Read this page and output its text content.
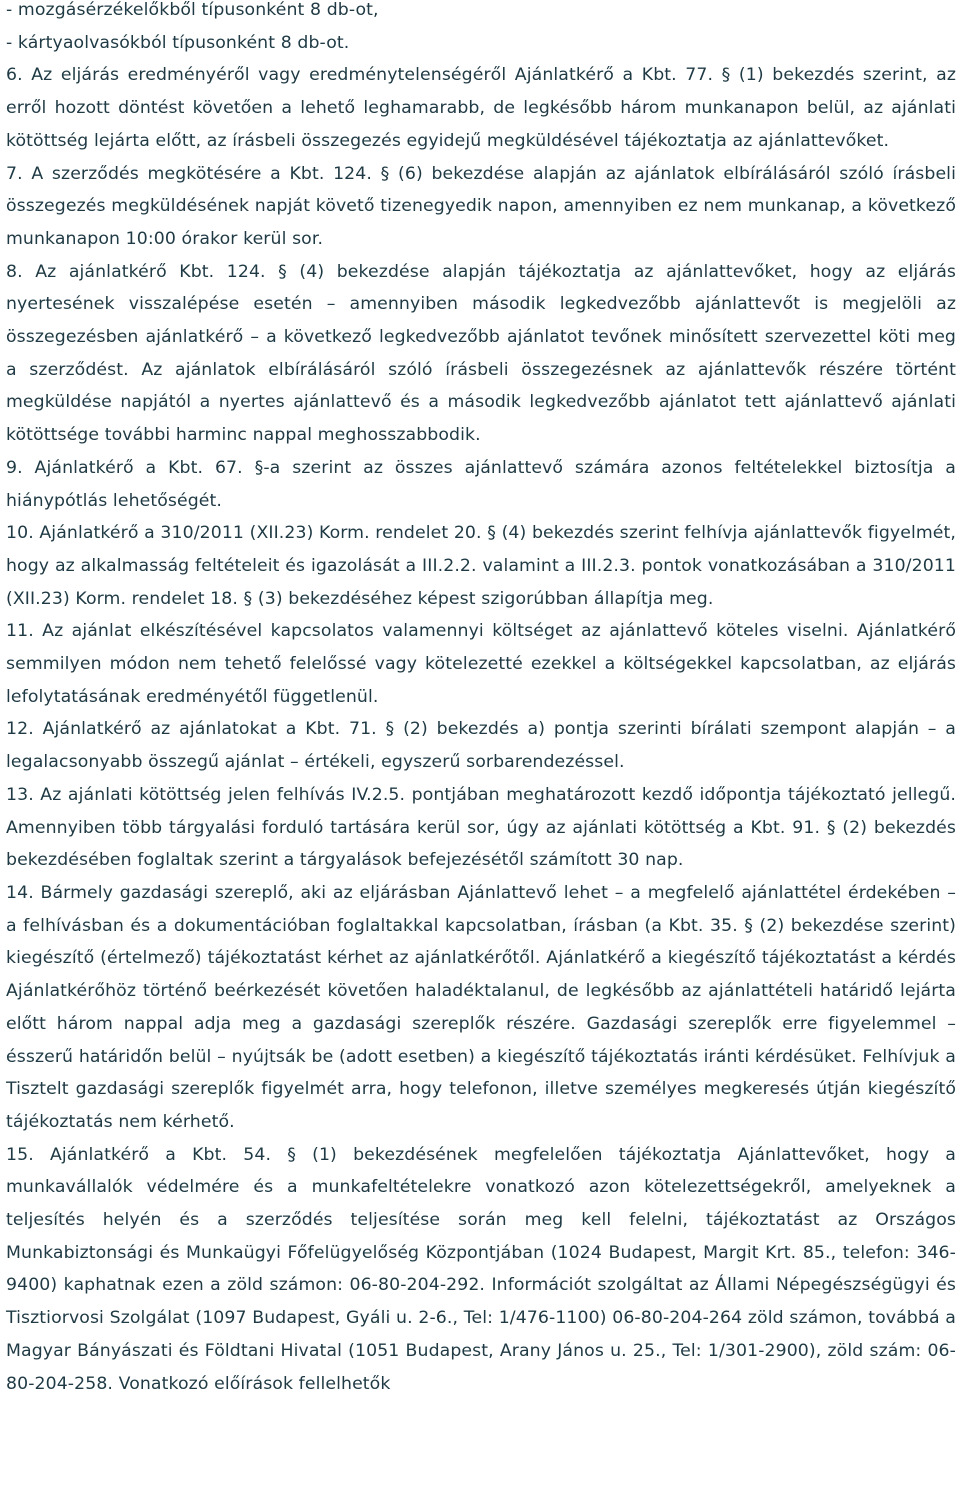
- mozgásérzékelőkből típusonként 8 db-ot,

- kártyaolvasókból típusonként 8 db-ot.

6. Az eljárás eredményéről vagy eredménytelenségéről Ajánlatkérő a Kbt. 77. § (1) bekezdés szerint, az erről hozott döntést követően a lehető leghamarabb, de legkésőbb három munkanapon belül, az ajánlati kötöttség lejárta előtt, az írásbeli összegezés egyidejű megküldésével tájékoztatja az ajánlattevőket.

7. A szerződés megkötésére a Kbt. 124. § (6) bekezdése alapján az ajánlatok elbírálásáról szóló írásbeli összegezés megküldésének napját követő tizenegyedik napon, amennyiben ez nem munkanap, a következő munkanapon 10:00 órakor kerül sor.

8. Az ajánlatkérő Kbt. 124. § (4) bekezdése alapján tájékoztatja az ajánlattevőket, hogy az eljárás nyertesének visszalépése esetén – amennyiben második legkedvezőbb ajánlattevőt is megjelöli az összegezésben ajánlatkérő – a következő legkedvezőbb ajánlatot tevőnek minősített szervezettel köti meg a szerződést. Az ajánlatok elbírálásáról szóló írásbeli összegezésnek az ajánlattevők részére történt megküldése napjától a nyertes ajánlattevő és a második legkedvezőbb ajánlatot tett ajánlattevő ajánlati kötöttsége további harminc nappal meghosszabbodik.

9. Ajánlatkérő a Kbt. 67. §-a szerint az összes ajánlattevő számára azonos feltételekkel biztosítja a hiánypótlás lehetőségét.

10. Ajánlatkérő a 310/2011 (XII.23) Korm. rendelet 20. § (4) bekezdés szerint felhívja ajánlattevők figyelmét, hogy az alkalmasság feltételeit és igazolását a III.2.2. valamint a III.2.3. pontok vonatkozásában a 310/2011 (XII.23) Korm. rendelet 18. § (3) bekezdéséhez képest szigorúbban állapítja meg.

11. Az ajánlat elkészítésével kapcsolatos valamennyi költséget az ajánlattevő köteles viselni. Ajánlatkérő semmilyen módon nem tehető felelőssé vagy kötelezetté ezekkel a költségekkel kapcsolatban, az eljárás lefolytatásának eredményétől függetlenül.

12. Ajánlatkérő az ajánlatokat a Kbt. 71. § (2) bekezdés a) pontja szerinti bírálati szempont alapján – a legalacsonyabb összegű ajánlat – értékeli, egyszerű sorbarendezéssel.

13. Az ajánlati kötöttség jelen felhívás IV.2.5. pontjában meghatározott kezdő időpontja tájékoztató jellegű. Amennyiben több tárgyalási forduló tartására kerül sor, úgy az ajánlati kötöttség a Kbt. 91. § (2) bekezdés bekezdésében foglaltak szerint a tárgyalások befejezésétől számított 30 nap.

14. Bármely gazdasági szereplő, aki az eljárásban Ajánlattevő lehet – a megfelelő ajánlattétel érdekében – a felhívásban és a dokumentációban foglaltakkal kapcsolatban, írásban (a Kbt. 35. § (2) bekezdése szerint) kiegészítő (értelmező) tájékoztatást kérhet az ajánlatkérőtől. Ajánlatkérő a kiegészítő tájékoztatást a kérdés Ajánlatkérőhöz történő beérkezését követően haladéktalanul, de legkésőbb az ajánlattételi határidő lejárta előtt három nappal adja meg a gazdasági szereplők részére. Gazdasági szereplők erre figyelemmel – ésszerű határidőn belül – nyújtsák be (adott esetben) a kiegészítő tájékoztatás iránti kérdésüket. Felhívjuk a Tisztelt gazdasági szereplők figyelmét arra, hogy telefonon, illetve személyes megkeresés útján kiegészítő tájékoztatás nem kérhető.

15. Ajánlatkérő a Kbt. 54. § (1) bekezdésének megfelelően tájékoztatja Ajánlattevőket, hogy a munkavállalók védelmére és a munkafeltételekre vonatkozó azon kötelezettségekről, amelyeknek a teljesítés helyén és a szerződés teljesítése során meg kell felelni, tájékoztatást az Országos Munkabiztonsági és Munkaügyi Főfelügyelőség Központjában (1024 Budapest, Margit Krt. 85., telefon: 346-9400) kaphatnak ezen a zöld számon: 06-80-204-292. Információt szolgáltat az Állami Népegészségügyi és Tisztiorvosi Szolgálat (1097 Budapest, Gyáli u. 2-6., Tel: 1/476-1100) 06-80-204-264 zöld számon, továbbá a Magyar Bányászati és Földtani Hivatal (1051 Budapest, Arany János u. 25., Tel: 1/301-2900), zöld szám: 06-80-204-258. Vonatkozó előírások fellelhetők
